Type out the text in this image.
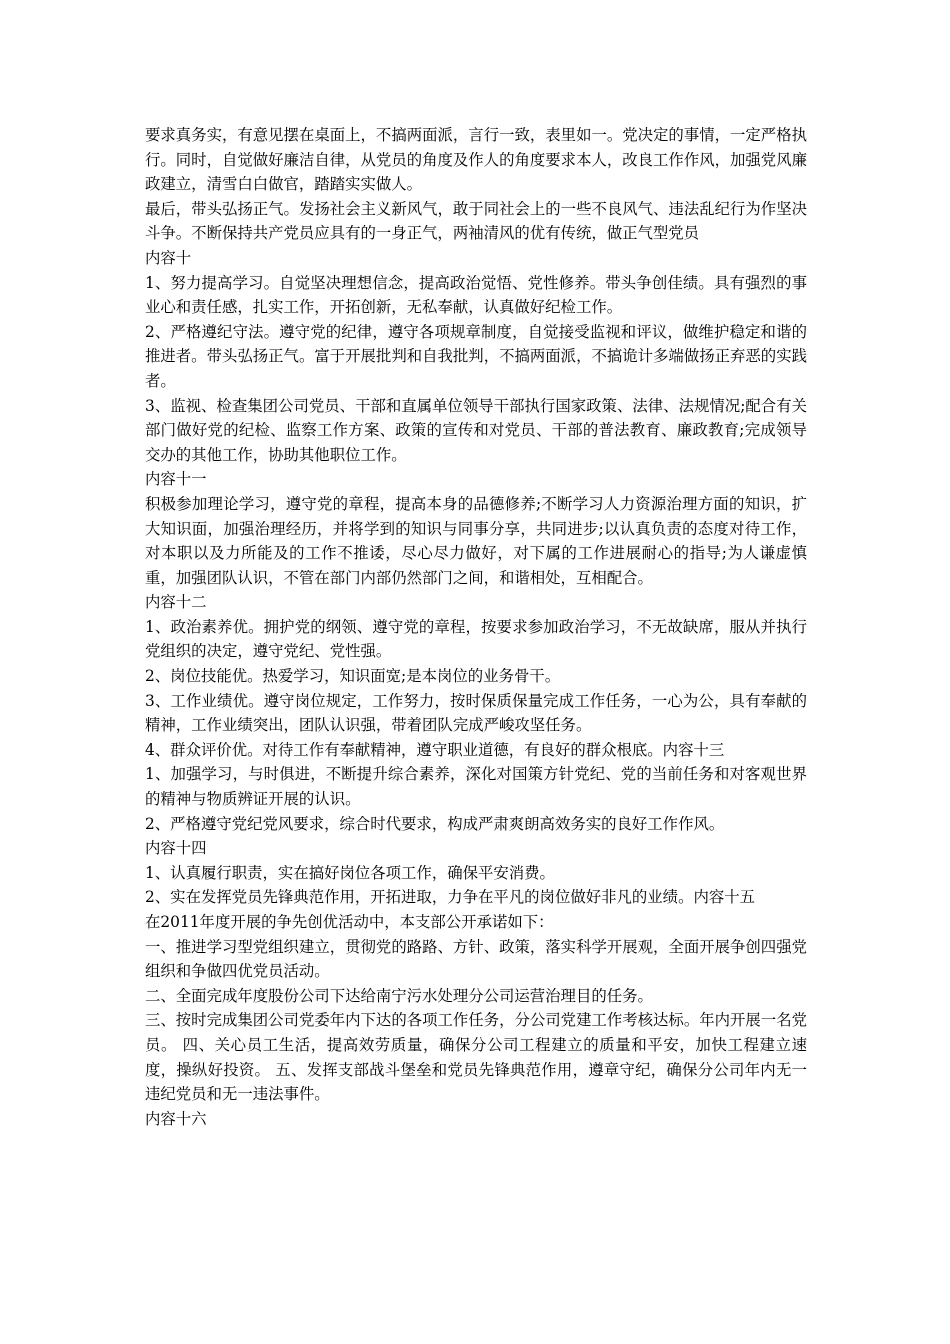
要求真务实，有意见摆在桌面上，不搞两面派，言行一致，表里如一。党决定的事情，一定严格执行。同时，自觉做好廉洁自律，从党员的角度及作人的角度要求本人，改良工作作风，加强党风廉政建立，清雪白白做官，踏踏实实做人。

最后，带头弘扬正气。发扬社会主义新风气，敢于同社会上的一些不良风气、违法乱纪行为作坚决斗争。不断保持共产党员应具有的一身正气，两袖清风的优有传统，做正气型党员

内容十

1、努力提高学习。自觉坚决理想信念，提高政治觉悟、党性修养。带头争创佳绩。具有强烈的事业心和责任感，扎实工作，开拓创新，无私奉献，认真做好纪检工作。

2、严格遵纪守法。遵守党的纪律，遵守各项规章制度，自觉接受监视和评议，做维护稳定和谐的推进者。带头弘扬正气。富于开展批判和自我批判，不搞两面派，不搞诡计多端做扬正弃恶的实践者。

3、监视、检查集团公司党员、干部和直属单位领导干部执行国家政策、法律、法规情况;配合有关部门做好党的纪检、监察工作方案、政策的宣传和对党员、干部的普法教育、廉政教育;完成领导交办的其他工作，协助其他职位工作。

内容十一

积极参加理论学习，遵守党的章程，提高本身的品德修养;不断学习人力资源治理方面的知识，扩大知识面，加强治理经历，并将学到的知识与同事分享，共同进步;以认真负责的态度对待工作，对本职以及力所能及的工作不推诿，尽心尽力做好，对下属的工作进展耐心的指导;为人谦虚慎重，加强团队认识，不管在部门内部仍然部门之间，和谐相处，互相配合。

内容十二

1、政治素养优。拥护党的纲领、遵守党的章程，按要求参加政治学习，不无故缺席，服从并执行党组织的决定，遵守党纪、党性强。

2、岗位技能优。热爱学习，知识面宽;是本岗位的业务骨干。

3、工作业绩优。遵守岗位规定，工作努力，按时保质保量完成工作任务，一心为公，具有奉献的精神，工作业绩突出，团队认识强，带着团队完成严峻攻坚任务。

4、群众评价优。对待工作有奉献精神，遵守职业道德，有良好的群众根底。内容十三

1、加强学习，与时俱进，不断提升综合素养，深化对国策方针党纪、党的当前任务和对客观世界的精神与物质辨证开展的认识。

2、严格遵守党纪党风要求，综合时代要求，构成严肃爽朗高效务实的良好工作作风。

内容十四

1、认真履行职责，实在搞好岗位各项工作，确保平安消费。

2、实在发挥党员先锋典范作用，开拓进取，力争在平凡的岗位做好非凡的业绩。内容十五

在2011年度开展的争先创优活动中，本支部公开承诺如下：

一、推进学习型党组织建立，贯彻党的路路、方针、政策，落实科学开展观，全面开展争创四强党组织和争做四优党员活动。

二、全面完成年度股份公司下达给南宁污水处理分公司运营治理目的任务。

三、按时完成集团公司党委年内下达的各项工作任务，分公司党建工作考核达标。年内开展一名党员。 四、关心员工生活，提高效劳质量，确保分公司工程建立的质量和平安，加快工程建立速度，操纵好投资。 五、发挥支部战斗堡垒和党员先锋典范作用，遵章守纪，确保分公司年内无一违纪党员和无一违法事件。

内容十六
